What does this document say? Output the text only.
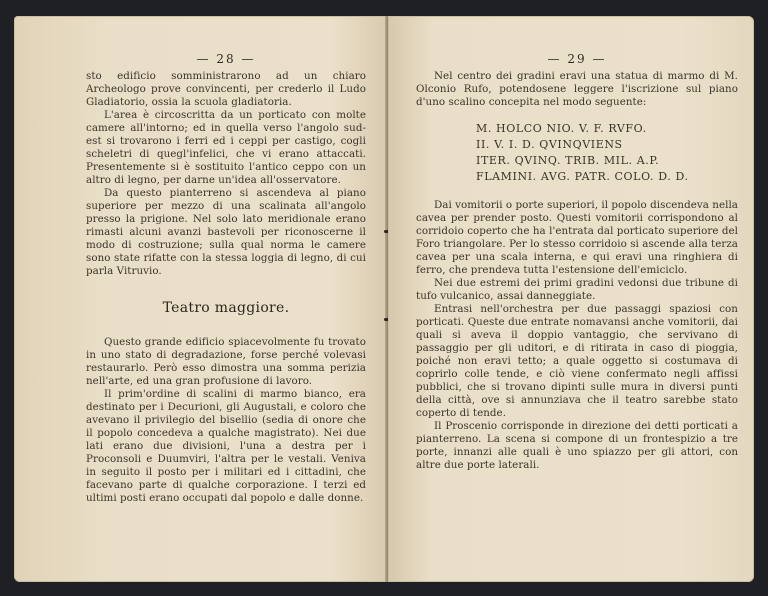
— 28 —

sto edificio somministrarono ad un chiaro Archeologo prove convincenti, per crederlo il Ludo Gladiatorio, ossia la scuola gladiatoria.

L'area è circoscritta da un porticato con molte camere all'intorno; ed in quella verso l'angolo sud-est si trovarono i ferri ed i ceppi per castigo, cogli scheletri di quegl'infelici, che vi erano attaccati. Presentemente si è sostituito l'antico ceppo con un altro di legno, per darne un'idea all'osservatore.

Da questo pianterreno si ascendeva al piano superiore per mezzo di una scalinata all'angolo presso la prigione. Nel solo lato meridionale erano rimasti alcuni avanzi bastevoli per riconoscerne il modo di costruzione; sulla qual norma le camere sono state rifatte con la stessa loggia di legno, di cui parla Vitruvio.

Teatro maggiore.

Questo grande edificio spiacevolmente fu trovato in uno stato di degradazione, forse perché volevasi restaurarlo. Però esso dimostra una somma perizia nell'arte, ed una gran profusione di lavoro.

Il prim'ordine di scalini di marmo bianco, era destinato per i Decurioni, gli Augustali, e coloro che avevano il privilegio del bisellio (sedia di onore che il popolo concedeva a qualche magistrato). Nei due lati erano due divisioni, l'una a destra per i Proconsoli e Duumviri, l'altra per le vestali. Veniva in seguito il posto per i militari ed i cittadini, che facevano parte di qualche corporazione. I terzi ed ultimi posti erano occupati dal popolo e dalle donne.

— 29 —

Nel centro dei gradini eravi una statua di marmo di M. Olconio Rufo, potendosene leggere l'iscrizione sul piano d'uno scalino concepita nel modo seguente:

M. HOLCO NIO. V. F. RVFO.
II. V. I. D. QVINQVIENS
ITER. QVINQ. TRIB. MIL. A.P.
FLAMINI. AVG. PATR. COLO. D. D.

Dai vomitorii o porte superiori, il popolo discendeva nella cavea per prender posto. Questi vomitorii corrispondono al corridoio coperto che ha l'entrata dal porticato superiore del Foro triangolare. Per lo stesso corridoio si ascende alla terza cavea per una scala interna, e qui eravi una ringhiera di ferro, che prendeva tutta l'estensione dell'emiciclo.

Nei due estremi dei primi gradini vedonsi due tribune di tufo vulcanico, assai danneggiate.

Entrasi nell'orchestra per due passaggi spaziosi con porticati. Queste due entrate nomavansi anche vomitorii, dai quali si aveva il doppio vantaggio, che servivano di passaggio per gli uditori, e di ritirata in caso di pioggia, poiché non eravi tetto; a quale oggetto si costumava di coprirlo colle tende, e ciò viene confermato negli affissi pubblici, che si trovano dipinti sulle mura in diversi punti della città, ove si annunziava che il teatro sarebbe stato coperto di tende.

Il Proscenio corrisponde in direzione dei detti porticati a pianterreno. La scena si compone di un frontespizio a tre porte, innanzi alle quali è uno spiazzo per gli attori, con altre due porte laterali.
